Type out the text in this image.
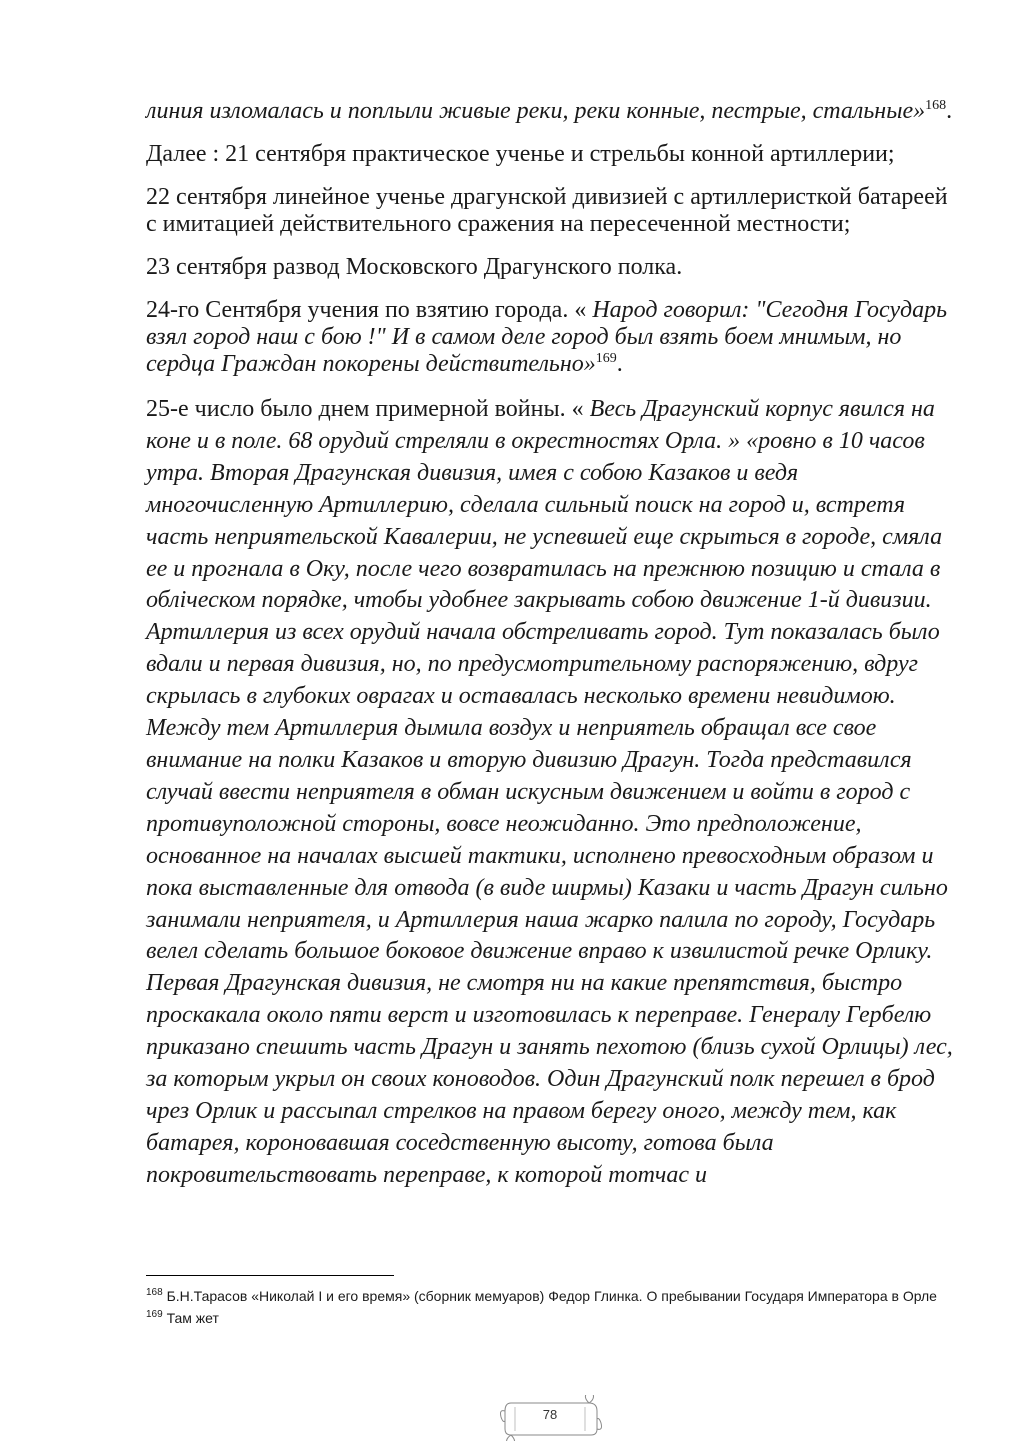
линия изломалась и поплыли живые реки, реки конные, пестрые, стальные»$^{168}$.
Далее : 21 сентября практическое ученье и стрельбы конной артиллерии;
22 сентября линейное ученье драгунской дивизией с артиллеристкой батареей с имитацией действительного сражения на пересеченной местности;
23 сентября развод Московского Драгунского полка.
24-го Сентября учения по взятию города. « Народ говорил: "Сегодня Государь взял город наш с бою !" И в самом деле город был взять боем мнимым, но сердца Граждан покорены действительно»$^{169}$.
25-е число было днем примерной войны. « Весь Драгунский корпус явился на коне и в поле. 68 орудий стреляли в окрестностях Орла. » «ровно в 10 часов утра. Вторая Драгунская дивизия, имея с собою Казаков и ведя многочисленную Артиллерию, сделала сильный поиск на город и, встретя часть неприятельской Кавалерии, не успевшей еще скрыться в городе, смяла ее и прогнала в Оку, после чего возвратилась на прежнюю позицию и стала в обліческом порядке, чтобы удобнее закрывать собою движение 1-й дивизии. Артиллерия из всех орудий начала обстреливать город. Тут показалась было вдали и первая дивизия, но, по предусмотрительному распоряжению, вдруг скрылась в глубоких оврагах и оставалась несколько времени невидимою. Между тем Артиллерия дымила воздух и неприятель обращал все свое внимание на полки Казаков и вторую дивизию Драгун. Тогда представился случай ввести неприятеля в обман искусным движением и войти в город с противуположной стороны, вовсе неожиданно. Это предположение, основанное на началах высшей тактики, исполнено превосходным образом и пока выставленные для отвода (в виде ширмы) Казаки и часть Драгун сильно занимали неприятеля, и Артиллерия наша жарко палила по городу, Государь велел сделать большое боковое движение вправо к извилистой речке Орлику. Первая Драгунская дивизия, не смотря ни на какие препятствия, быстро проскакала около пяти верст и изготовилась к переправе. Генералу Гербелю приказано спешить часть Драгун и занять пехотою (близь сухой Орлицы) лес, за которым укрыл он своих коноводов. Один Драгунский полк перешел в брод чрез Орлик и рассыпал стрелков на правом берегу оного, между тем, как батарея, короновавшая соседственную высоту, готова была покровительствовать переправе, к которой тотчас и

$^{168}$ Б.Н.Тарасов «Николай I и его время» (сборник мемуаров) Федор Глинка. О пребывании Государя Императора в Орле

$^{169}$ Там жет

78
